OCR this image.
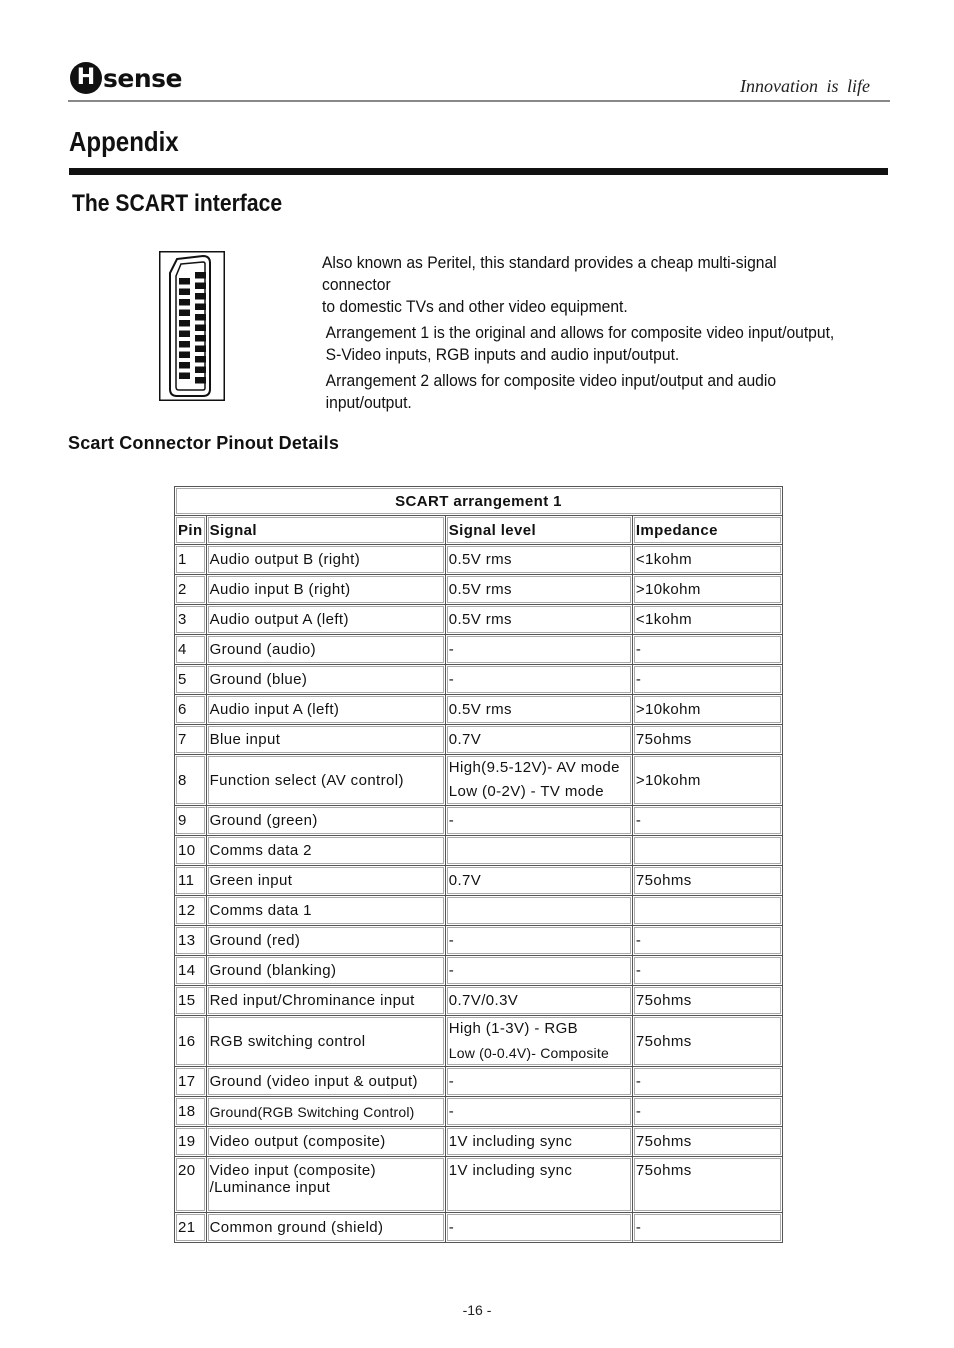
H sense	Innovation is life
Appendix
The SCART interface

Also known as Peritel, this standard provides a cheap multi-signal connector
to domestic TVs and other video equipment.

Arrangement 1 is the original and allows for composite video input/output,
S-Video inputs, RGB inputs and audio input/output.

Arrangement 2 allows for composite video input/output and audio
input/output.

Scart Connector Pinout Details
SCART arrangement 1			
Pin	Signal	Signal level	Impedance
1	Audio output B (right)	0.5V rms	<1kohm
2	Audio input B (right)	0.5V rms	>10kohm
3	Audio output A (left)	0.5V rms	<1kohm
4	Ground (audio)	-	-
5	Ground (blue)	-	-
6	Audio input A (left)	0.5V rms	>10kohm
7	Blue input	0.7V	75ohms
8	Function select (AV control)	High(9.5-12V)- AV mode
Low (0-2V) - TV mode	>10kohm
9	Ground (green)	-	-
10	Comms data 2		
11	Green input	0.7V	75ohms
12	Comms data 1		
13	Ground (red)	-	-
14	Ground (blanking)	-	-
15	Red input/Chrominance input	0.7V/0.3V	75ohms
16	RGB switching control	High (1-3V) - RGB
Low (0-0.4V)- Composite	75ohms
17	Ground (video input & output)	-	-
18	Ground(RGB Switching Control)	-	-
19	Video output (composite)	1V including sync	75ohms
20	Video input (composite)
/Luminance input	1V including sync	75ohms
21	Common ground (shield)	-	-
-16 -
